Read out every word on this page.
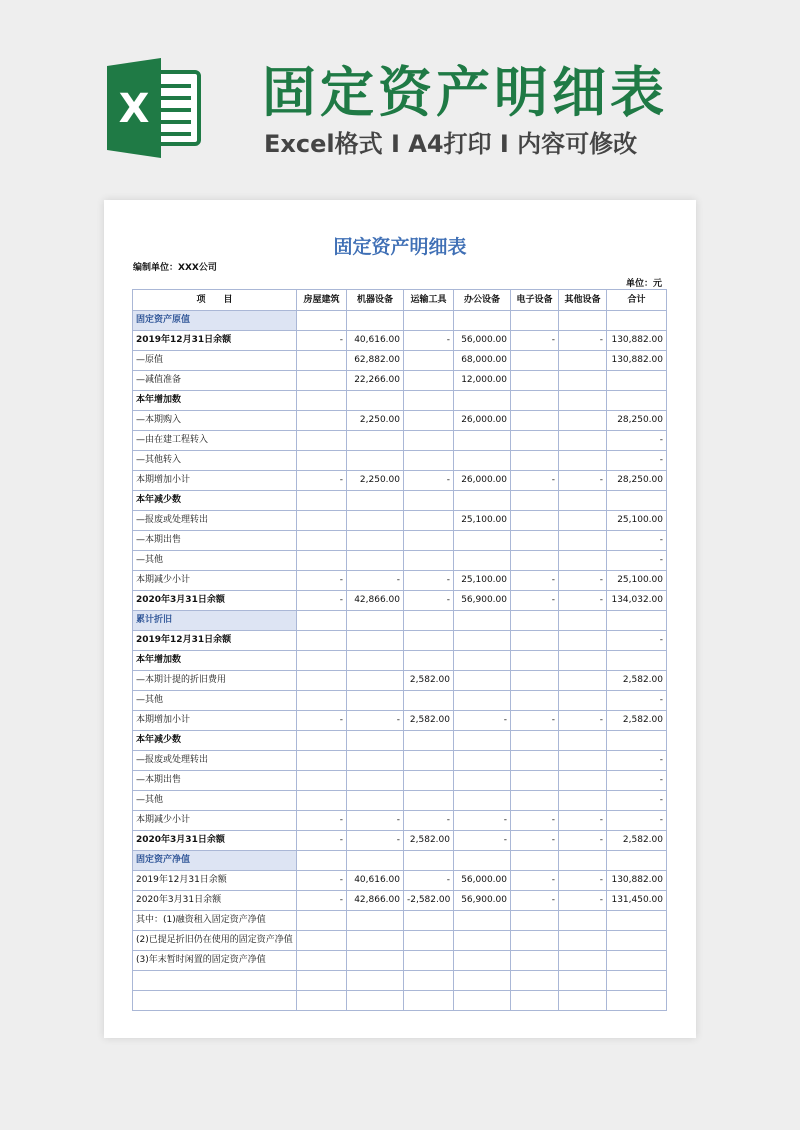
X 固定资产明细表
Excel格式 I A4打印 I 内容可修改
固定资产明细表
编制单位：XXX公司
单位：元
项　　目	房屋建筑	机器设备	运输工具	办公设备	电子设备	其他设备	合计
固定资产原值							
2019年12月31日余额	-	40,616.00	-	56,000.00	-	-	130,882.00
—原值		62,882.00		68,000.00			130,882.00
—减值准备		22,266.00		12,000.00			
本年增加数							
—本期购入		2,250.00		26,000.00			28,250.00
—由在建工程转入							-
—其他转入							-
本期增加小计	-	2,250.00	-	26,000.00	-	-	28,250.00
本年减少数							
—报废或处理转出				25,100.00			25,100.00
—本期出售							-
—其他							-
本期减少小计	-	-	-	25,100.00	-	-	25,100.00
2020年3月31日余额	-	42,866.00	-	56,900.00	-	-	134,032.00
累计折旧							
2019年12月31日余额							-
本年增加数							
—本期计提的折旧费用			2,582.00				2,582.00
—其他							-
本期增加小计	-	-	2,582.00	-	-	-	2,582.00
本年减少数							
—报废或处理转出							-
—本期出售							-
—其他							-
本期减少小计	-	-	-	-	-	-	-
2020年3月31日余额	-	-	2,582.00	-	-	-	2,582.00
固定资产净值							
2019年12月31日余额	-	40,616.00	-	56,000.00	-	-	130,882.00
2020年3月31日余额	-	42,866.00	-2,582.00	56,900.00	-	-	131,450.00
其中：(1)融资租入固定资产净值							
(2)已提足折旧仍在使用的固定资产净值							
(3)年末暂时闲置的固定资产净值							
